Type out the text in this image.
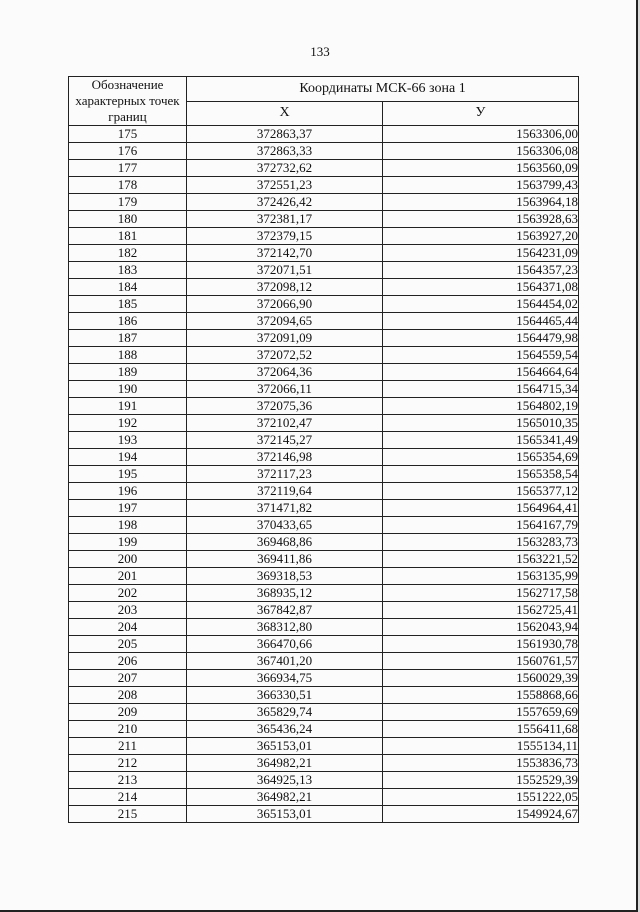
133
Обозначение характерных точек границ	Координаты МСК-66 зона 1	
	X	У
175	372863,37	1563306,00
176	372863,33	1563306,08
177	372732,62	1563560,09
178	372551,23	1563799,43
179	372426,42	1563964,18
180	372381,17	1563928,63
181	372379,15	1563927,20
182	372142,70	1564231,09
183	372071,51	1564357,23
184	372098,12	1564371,08
185	372066,90	1564454,02
186	372094,65	1564465,44
187	372091,09	1564479,98
188	372072,52	1564559,54
189	372064,36	1564664,64
190	372066,11	1564715,34
191	372075,36	1564802,19
192	372102,47	1565010,35
193	372145,27	1565341,49
194	372146,98	1565354,69
195	372117,23	1565358,54
196	372119,64	1565377,12
197	371471,82	1564964,41
198	370433,65	1564167,79
199	369468,86	1563283,73
200	369411,86	1563221,52
201	369318,53	1563135,99
202	368935,12	1562717,58
203	367842,87	1562725,41
204	368312,80	1562043,94
205	366470,66	1561930,78
206	367401,20	1560761,57
207	366934,75	1560029,39
208	366330,51	1558868,66
209	365829,74	1557659,69
210	365436,24	1556411,68
211	365153,01	1555134,11
212	364982,21	1553836,73
213	364925,13	1552529,39
214	364982,21	1551222,05
215	365153,01	1549924,67
